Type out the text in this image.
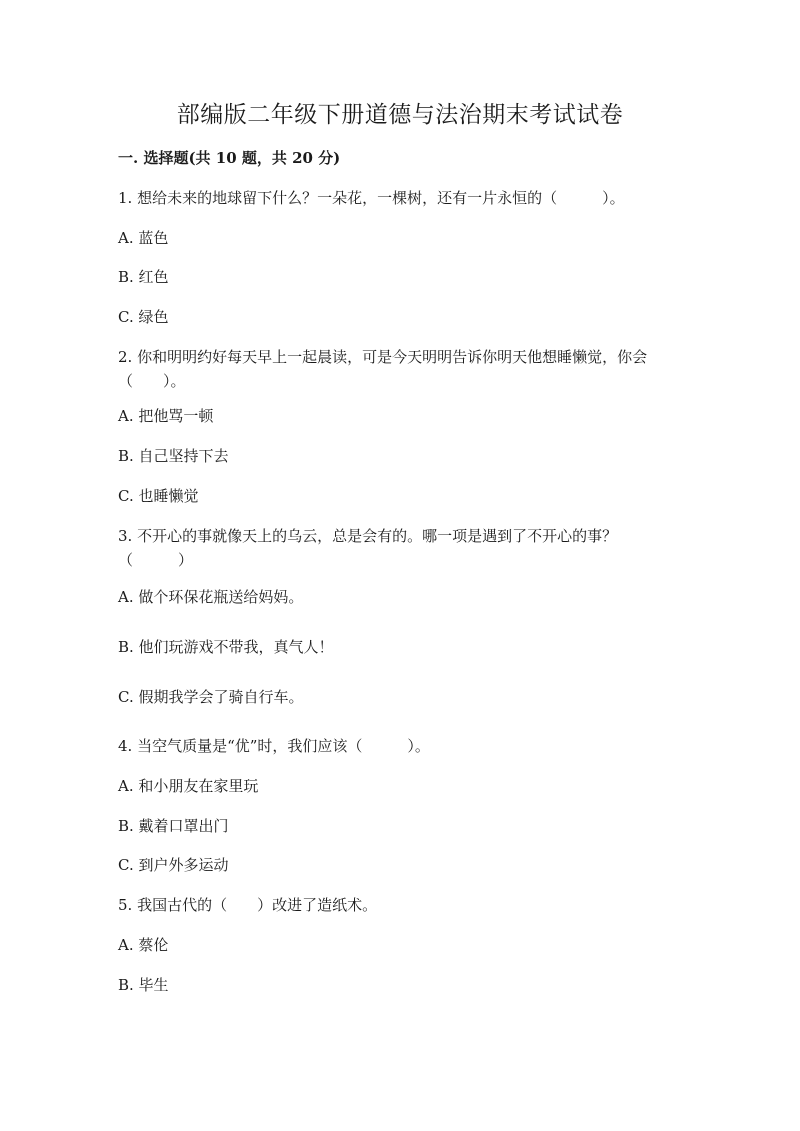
部编版二年级下册道德与法治期末考试试卷
一. 选择题(共 10 题，共 20 分)
1. 想给未来的地球留下什么？一朵花，一棵树，还有一片永恒的（　　　）。
A. 蓝色
B. 红色
C. 绿色
2. 你和明明约好每天早上一起晨读，可是今天明明告诉你明天他想睡懒觉，你会（　　）。
A. 把他骂一顿
B. 自己坚持下去
C. 也睡懒觉
3. 不开心的事就像天上的乌云，总是会有的。哪一项是遇到了不开心的事？（　　　）
A. 做个环保花瓶送给妈妈。
B. 他们玩游戏不带我，真气人！
C. 假期我学会了骑自行车。
4. 当空气质量是“优”时，我们应该（　　　）。
A. 和小朋友在家里玩
B. 戴着口罩出门
C. 到户外多运动
5. 我国古代的（　　）改进了造纸术。
A. 蔡伦
B. 毕生
